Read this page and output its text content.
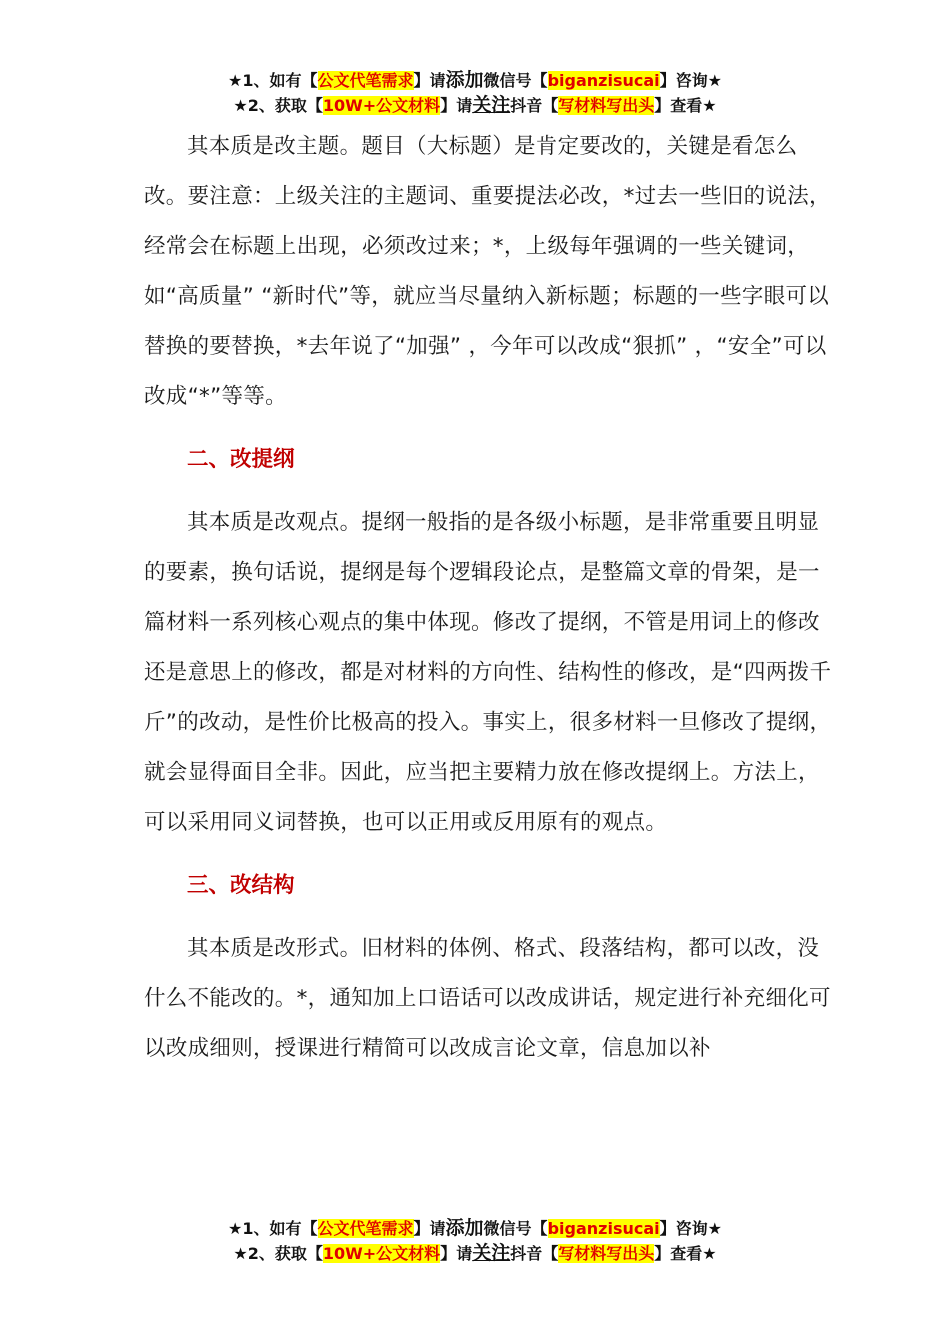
★1、如有【公文代笔需求】请添加微信号【biganzisucai】咨询★
★2、获取【10W+公文材料】请关注抖音【写材料写出头】查看★

其本质是改主题。题目（大标题）是肯定要改的，关键是看怎么改。要注意：上级关注的主题词、重要提法必改，*过去一些旧的说法，经常会在标题上出现，必须改过来；*，上级每年强调的一些关键词，如“高质量” “新时代”等，就应当尽量纳入新标题；标题的一些字眼可以替换的要替换，*去年说了“加强” ，今年可以改成“狠抓” ，“安全”可以改成“*”等等。

二、改提纲

其本质是改观点。提纲一般指的是各级小标题，是非常重要且明显的要素，换句话说，提纲是每个逻辑段论点，是整篇文章的骨架，是一篇材料一系列核心观点的集中体现。修改了提纲，不管是用词上的修改还是意思上的修改，都是对材料的方向性、结构性的修改，是“四两拨千斤”的改动，是性价比极高的投入。事实上，很多材料一旦修改了提纲，就会显得面目全非。因此，应当把主要精力放在修改提纲上。方法上，可以采用同义词替换，也可以正用或反用原有的观点。

三、改结构

其本质是改形式。旧材料的体例、格式、段落结构，都可以改，没什么不能改的。*，通知加上口语话可以改成讲话，规定进行补充细化可以改成细则，授课进行精简可以改成言论文章，信息加以补

★1、如有【公文代笔需求】请添加微信号【biganzisucai】咨询★
★2、获取【10W+公文材料】请关注抖音【写材料写出头】查看★
